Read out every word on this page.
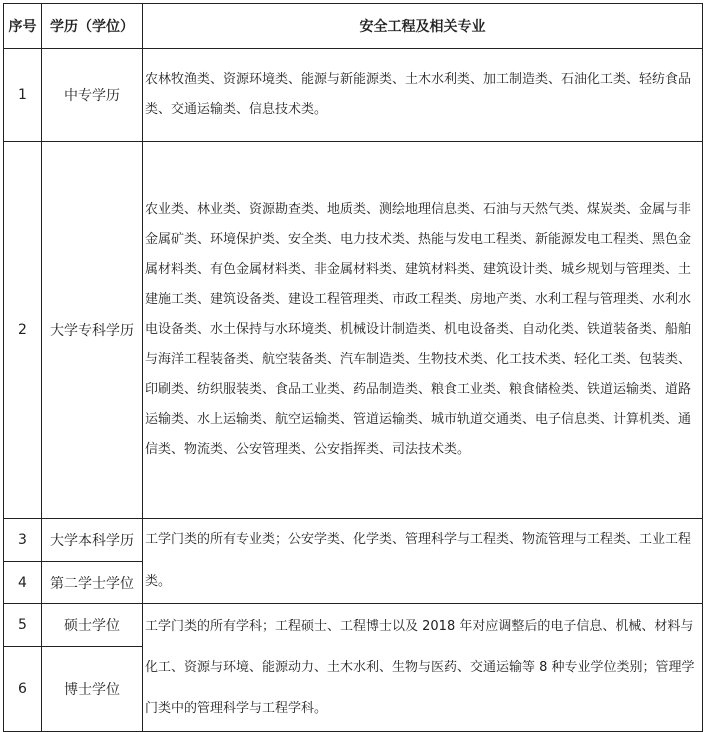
序号	学历（学位）	安全工程及相关专业
1	中专学历	农林牧渔类、资源环境类、能源与新能源类、土木水利类、加工制造类、石油化工类、轻纺食品类、交通运输类、信息技术类。
2	大学专科学历	农业类、林业类、资源勘查类、地质类、测绘地理信息类、石油与天然气类、煤炭类、金属与非金属矿类、环境保护类、安全类、电力技术类、热能与发电工程类、新能源发电工程类、黑色金属材料类、有色金属材料类、非金属材料类、建筑材料类、建筑设计类、城乡规划与管理类、土建施工类、建筑设备类、建设工程管理类、市政工程类、房地产类、水利工程与管理类、水利水电设备类、水土保持与水环境类、机械设计制造类、机电设备类、自动化类、铁道装备类、船舶与海洋工程装备类、航空装备类、汽车制造类、生物技术类、化工技术类、轻化工类、包装类、印刷类、纺织服装类、食品工业类、药品制造类、粮食工业类、粮食储检类、铁道运输类、道路运输类、水上运输类、航空运输类、管道运输类、城市轨道交通类、电子信息类、计算机类、通信类、物流类、公安管理类、公安指挥类、司法技术类。
3	大学本科学历	工学门类的所有专业类；公安学类、化学类、管理科学与工程类、物流管理与工程类、工业工程类。
4	第二学士学位	
5	硕士学位	工学门类的所有学科；工程硕士、工程博士以及 2018 年对应调整后的电子信息、机械、材料与化工、资源与环境、能源动力、土木水利、生物与医药、交通运输等 8 种专业学位类别；管理学门类中的管理科学与工程学科。
6	博士学位	
